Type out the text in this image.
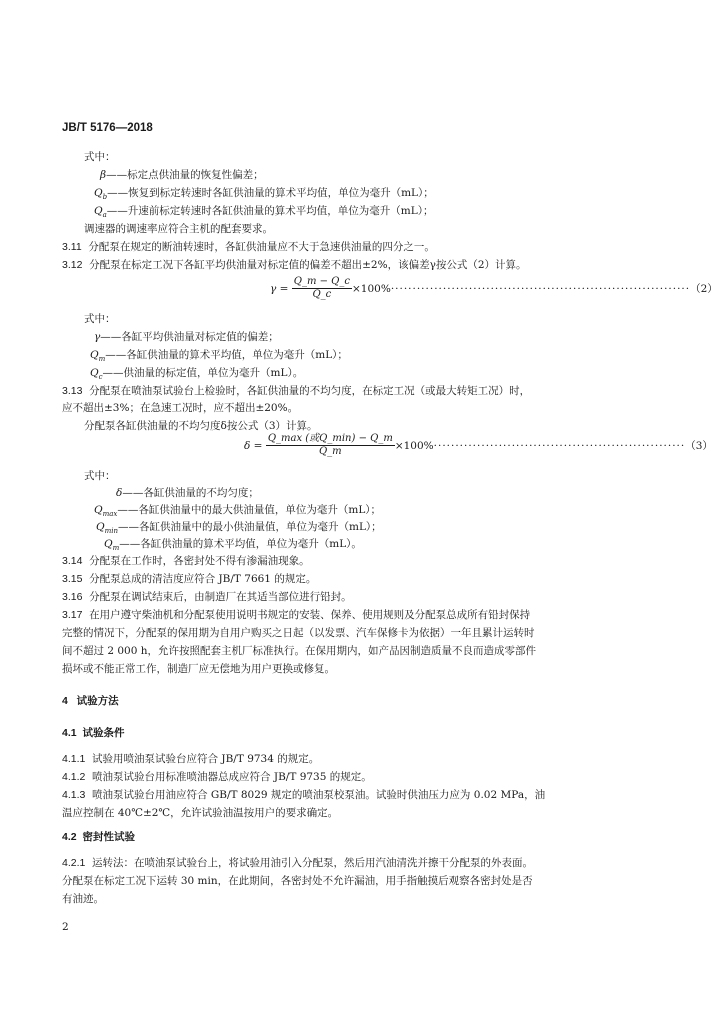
JB/T 5176—2018
式中：
β——标定点供油量的恢复性偏差；
$Q_b——$恢复到标定转速时各缸供油量的算术平均值，单位为毫升（mL）；
$Q_a——$升速前标定转速时各缸供油量的算术平均值，单位为毫升（mL）；
调速器的调速率应符合主机的配套要求。
3.11 分配泵在规定的断油转速时，各缸供油量应不大于急速供油量的四分之一。
3.12 分配泵在标定工况下各缸平均供油量对标定值的偏差不超出±2%，该偏差γ按公式（2）计算。
γ =
$\frac{Q\_m - Q\_c}{Q\_c} \times 100\%$ ····································································· （2）
式中：
γ——各缸平均供油量对标定值的偏差；
$Q_m——$各缸供油量的算术平均值，单位为毫升（mL）；
$Q_c——$供油量的标定值，单位为毫升（mL）。
3.13 分配泵在喷油泵试验台上检验时，各缸供油量的不均匀度，在标定工况（或最大转矩工况）时，
应不超出±3%；在急速工况时，应不超出±20%。
分配泵各缸供油量的不均匀度δ按公式（3）计算。
δ =
$\frac{\text{Q\_max (或Q\_min) − Q\_m}}{Q\_m} \times 100\%$ ·························································· （3）
式中：
δ——各缸供油量的不均匀度；
$Q_{max}——$各缸供油量中的最大供油量值，单位为毫升（mL）；
$Q_{min}——$各缸供油量中的最小供油量值，单位为毫升（mL）；
$Q_m——$各缸供油量的算术平均值，单位为毫升（mL）。
3.14 分配泵在工作时，各密封处不得有渗漏油现象。
3.15 分配泵总成的清洁度应符合 JB/T 7661 的规定。
3.16 分配泵在调试结束后，由制造厂在其适当部位进行铅封。
3.17 在用户遵守柴油机和分配泵使用说明书规定的安装、保养、使用规则及分配泵总成所有铅封保持
完整的情况下，分配泵的保用期为自用户购买之日起（以发票、汽车保修卡为依据）一年且累计运转时
间不超过 2 000 h，允许按照配套主机厂标准执行。在保用期内，如产品因制造质量不良而造成零部件
损坏或不能正常工作，制造厂应无偿地为用户更换或修复。
4 试验方法
4.1 试验条件
4.1.1 试验用喷油泵试验台应符合 JB/T 9734 的规定。
4.1.2 喷油泵试验台用标准喷油器总成应符合 JB/T 9735 的规定。
4.1.3 喷油泵试验台用油应符合 GB/T 8029 规定的喷油泵校泵油。试验时供油压力应为 0.02 MPa，油
温应控制在 40℃±2℃，允许试验油温按用户的要求确定。
4.2 密封性试验
4.2.1 运转法：在喷油泵试验台上，将试验用油引入分配泵，然后用汽油清洗并擦干分配泵的外表面。
分配泵在标定工况下运转 30 min，在此期间，各密封处不允许漏油，用手指触摸后观察各密封处是否
有油迹。
2
